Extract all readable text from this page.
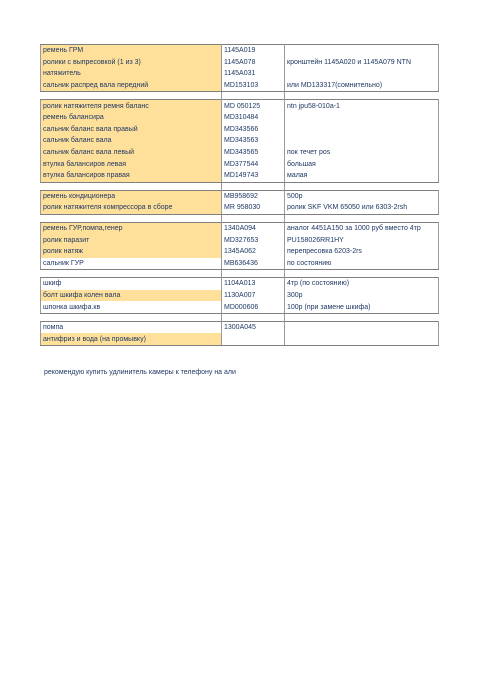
ремень ГРМ	1145A019	
ролики с выпресовкой (1 из 3)	1145A078	кронштейн 1145A020 и 1145A079 NTN
натяжитель	1145A031	
сальник распред вала передний	MD153103	или MD133317(сомнительно)

ролик натяжителя ремня баланс	MD 050125	ntn jpu58-010a-1
ремень балансира	MD310484	
сальник баланс вала правый	MD343566	
сальник баланс вала	MD343563	
сальник баланс вала левый	MD343565	пок течет pos
втулка балансиров левая	MD377544	большая
втулка балансиров правая	MD149743	малая

ремень кондиционера	MB958692	500р
ролик натяжителя компрессора в сборе	MR 958030	ролик SKF VKM 65050 или 6303-2rsh

ремень ГУР,помпа,генер	1340A094	аналог 4451A150 за 1000 руб вместо 4тр
ролик паразит	MD327653	PU158026RR1HY
ролик натяж	1345A062	перепресовка 6203-2rs
сальник ГУР	MB636436	по состоянию

шкиф	1104A013	4тр (по состоянию)
болт шкифа колен вала	1130A007	300р
шпонка шкифа.кв	MD000606	100р (при замене шкифа)

помпа	1300A045	
антифриз и вода (на промывку)		
рекомендую купить удлинитель камеры к телефону на али
